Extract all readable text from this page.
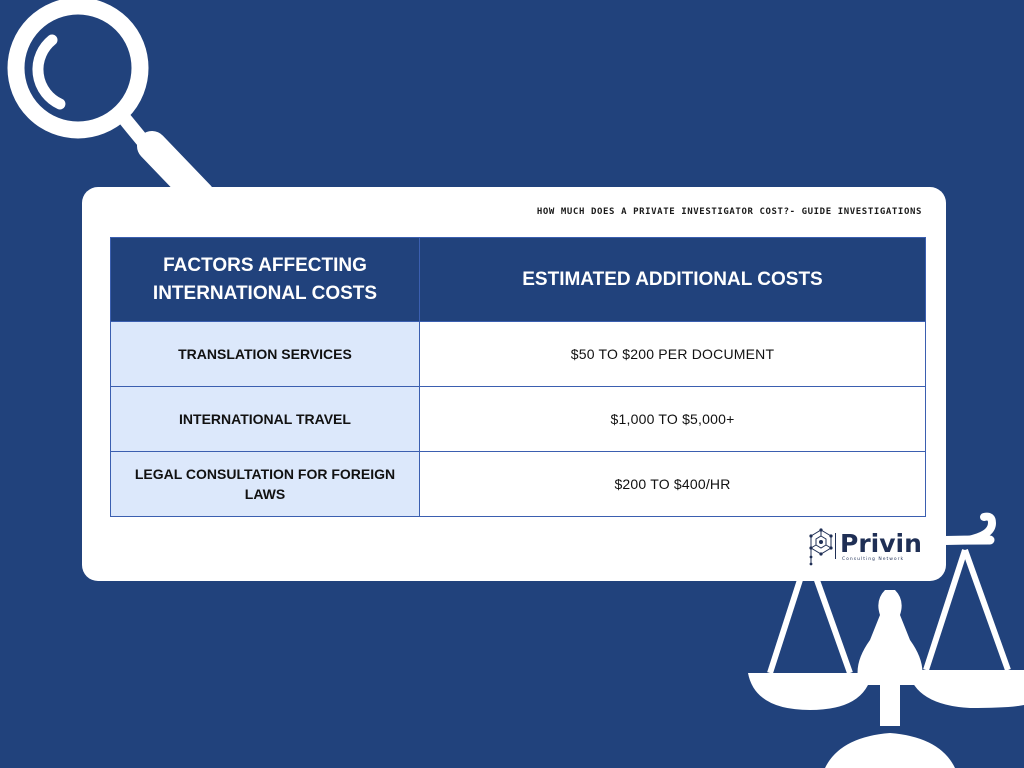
HOW MUCH DOES A PRIVATE INVESTIGATOR COST?- GUIDE INVESTIGATIONS
FACTORS AFFECTING INTERNATIONAL COSTS	ESTIMATED ADDITIONAL COSTS
TRANSLATION SERVICES	$50 TO $200 PER DOCUMENT
INTERNATIONAL TRAVEL	$1,000 TO $5,000+
LEGAL CONSULTATION FOR FOREIGN LAWS	$200 TO $400/HR
Privin
Consulting Network
